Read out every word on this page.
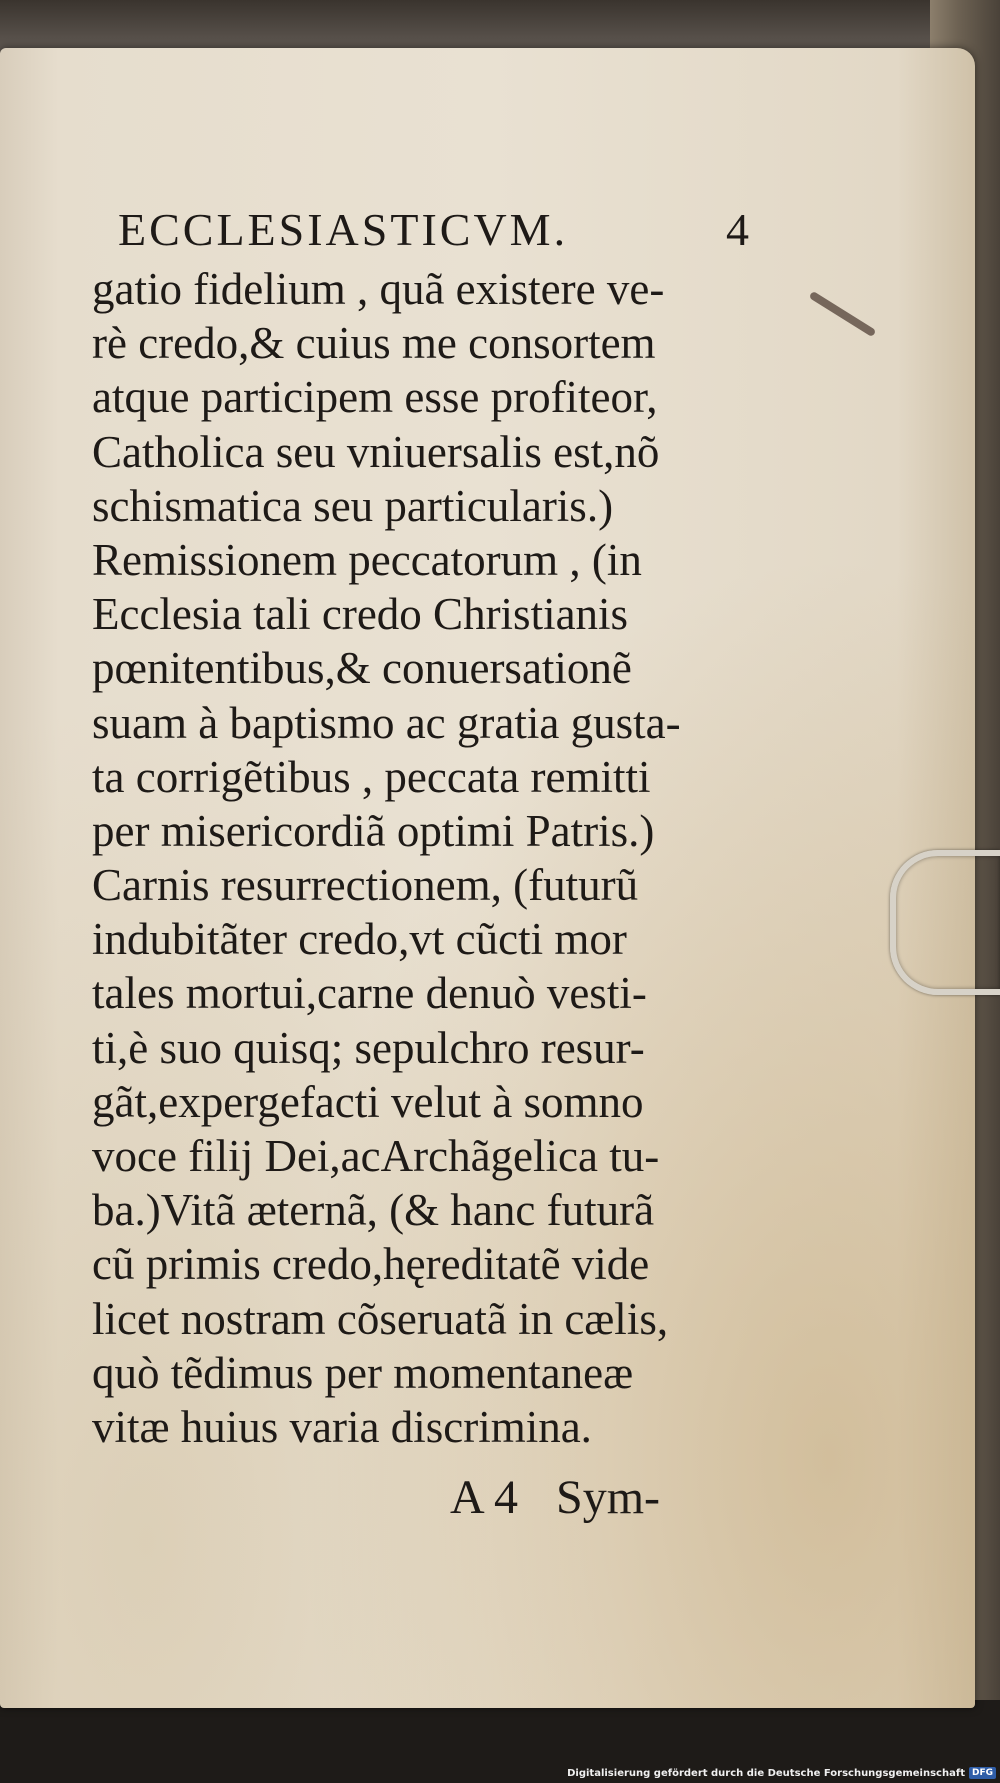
ECCLESIASTICVM.	4
gatio fidelium , quã existere ve-
rè credo,& cuius me consortem
atque participem esse profiteor,
Catholica seu vniuersalis est,nõ
schismatica seu particularis.)
Remissionem peccatorum , (in
Ecclesia tali credo Christianis
pœnitentibus,& conuersationẽ
suam à baptismo ac gratia gusta-
ta corrigẽtibus , peccata remitti
per misericordiã optimi Patris.)
Carnis resurrectionem, (futurũ
indubitãter credo,vt cũcti mor
tales mortui,carne denuò vesti-
ti,è suo quisq; sepulchro resur-
gãt,expergefacti velut à somno
voce filij Dei,acArchãgelica tu-
ba.)Vitã æternã, (& hanc futurã
cũ primis credo,hęreditatẽ vide
licet nostram cõseruatã in cælis,
quò tẽdimus per momentaneæ
vitæ huius varia discrimina.
A 4 Sym-
Digitalisierung gefördert durch die Deutsche Forschungsgemeinschaft DFG
